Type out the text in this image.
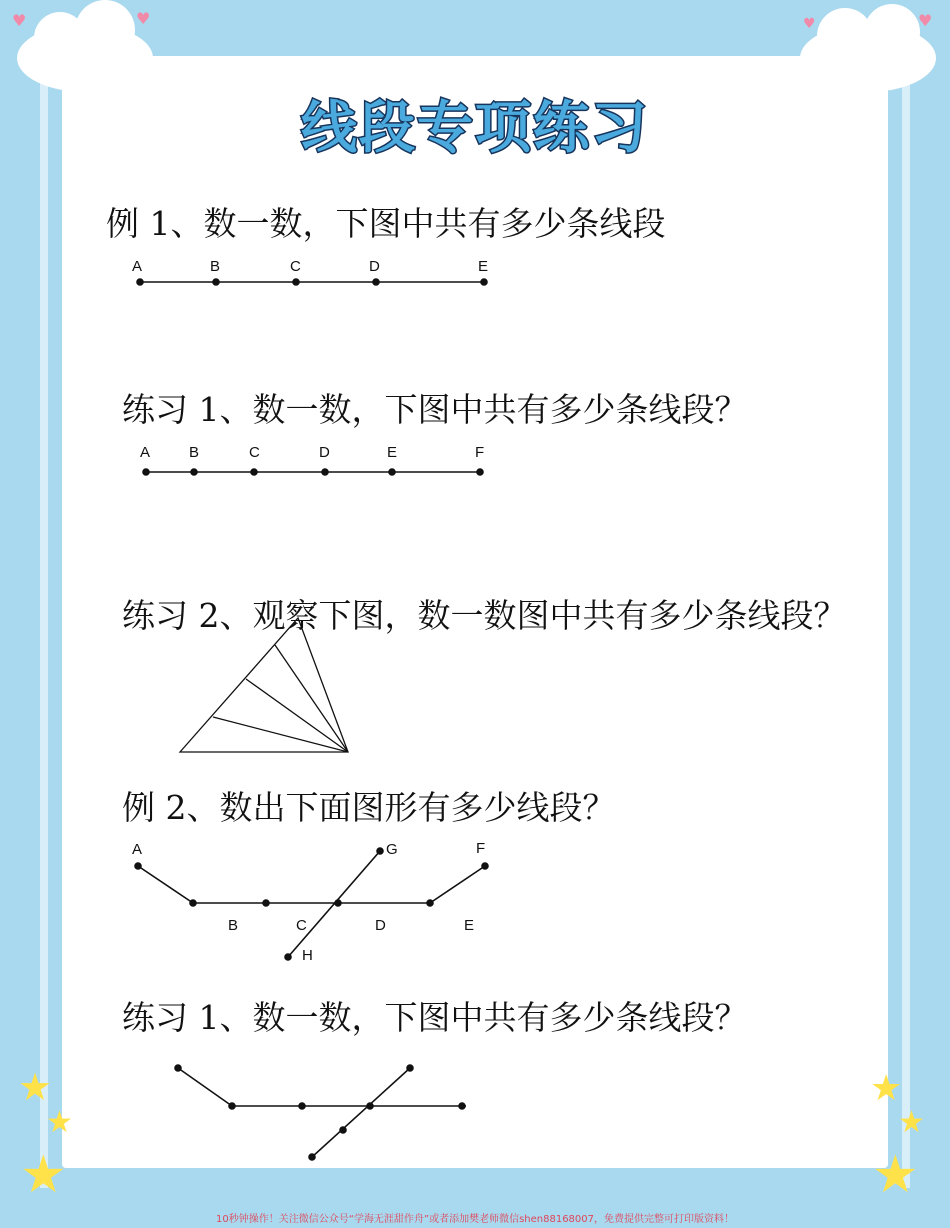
♥	♥	♥	♥
★
★
★
★
★
★
线段专项练习
例 1、数一数，下图中共有多少条线段
练习 1、数一数，下图中共有多少条线段？
练习 2、观察下图，数一数图中共有多少条线段？
例 2、数出下面图形有多少线段？
练习 1、数一数，下图中共有多少条线段？
A	B	C	D	E
A	B	C	D	E	F
A
B	C	D	E
F
G
H
10秒钟操作！关注微信公众号“学海无涯甜作舟”或者添加樊老师微信shen88168007，免费提供完整可打印版资料！
